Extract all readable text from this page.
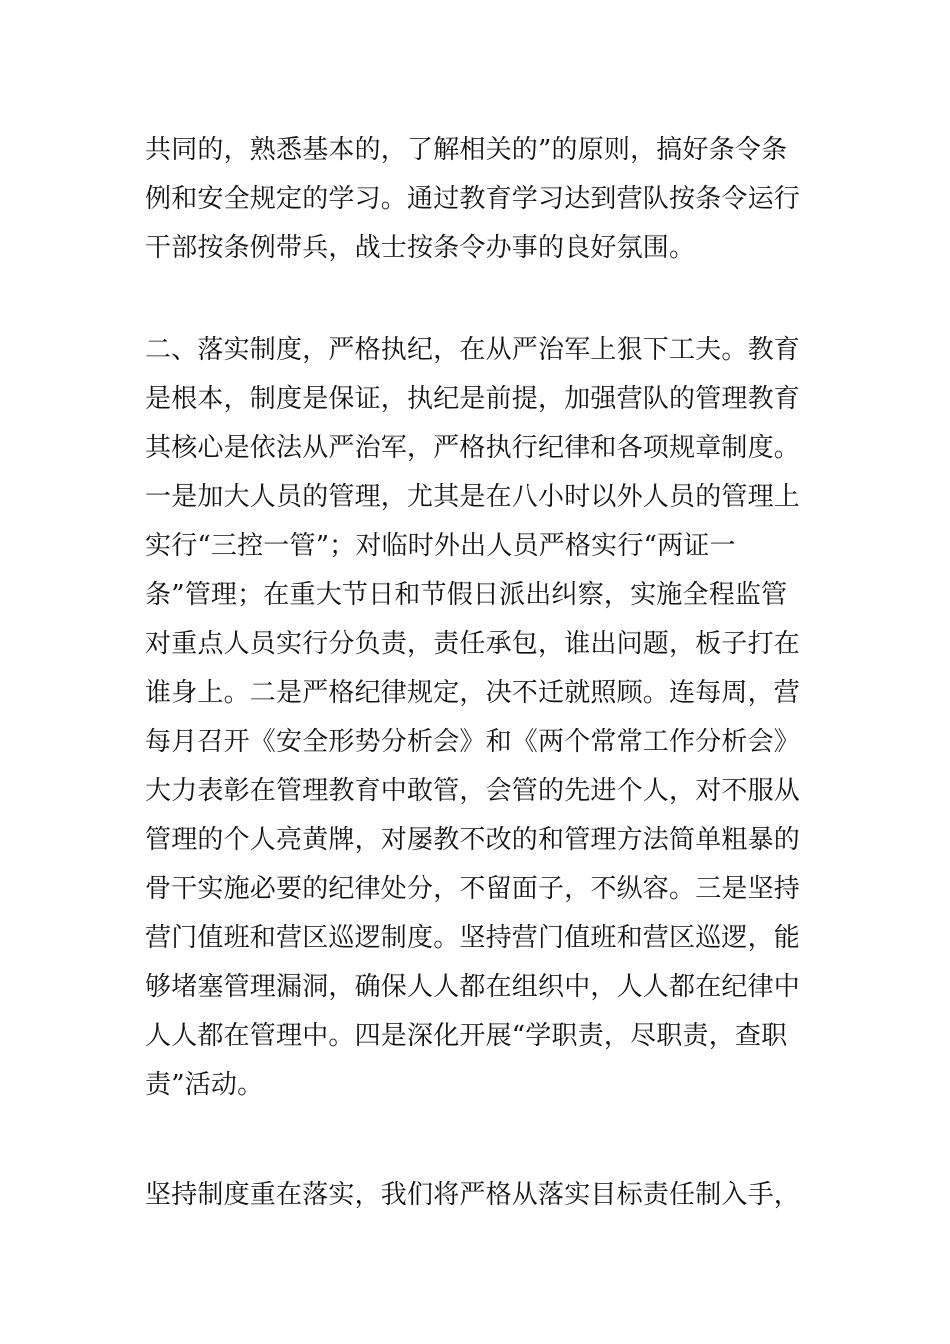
共同的，熟悉基本的，了解相关的”的原则，搞好条令条
例和安全规定的学习。通过教育学习达到营队按条令运行
干部按条例带兵，战士按条令办事的良好氛围。
二、落实制度，严格执纪，在从严治军上狠下工夫。教育
是根本，制度是保证，执纪是前提，加强营队的管理教育
其核心是依法从严治军，严格执行纪律和各项规章制度。
一是加大人员的管理，尤其是在八小时以外人员的管理上
实行“三控一管”；对临时外出人员严格实行“两证一
条”管理；在重大节日和节假日派出纠察，实施全程监管
对重点人员实行分负责，责任承包，谁出问题，板子打在
谁身上。二是严格纪律规定，决不迁就照顾。连每周，营
每月召开《安全形势分析会》和《两个常常工作分析会》
大力表彰在管理教育中敢管，会管的先进个人，对不服从
管理的个人亮黄牌，对屡教不改的和管理方法简单粗暴的
骨干实施必要的纪律处分，不留面子，不纵容。三是坚持
营门值班和营区巡逻制度。坚持营门值班和营区巡逻，能
够堵塞管理漏洞，确保人人都在组织中，人人都在纪律中
人人都在管理中。四是深化开展“学职责，尽职责，查职
责”活动。
坚持制度重在落实，我们将严格从落实目标责任制入手，
